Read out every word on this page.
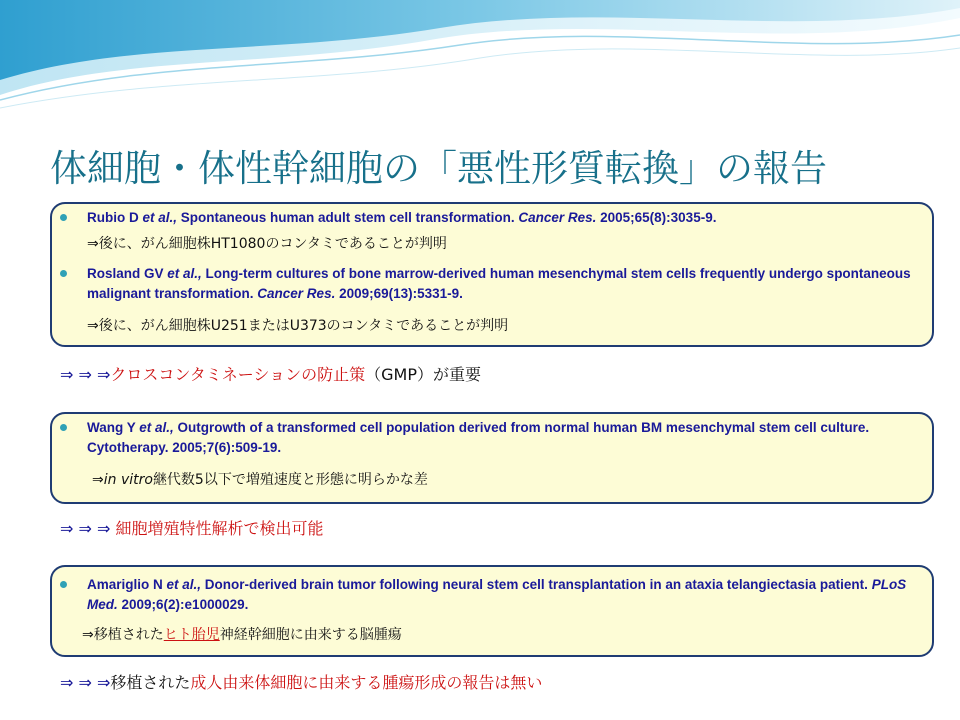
体細胞・体性幹細胞の「悪性形質転換」の報告
Rubio D et al., Spontaneous human adult stem cell transformation. Cancer Res. 2005;65(8):3035-9.
⇒後に、がん細胞株HT1080のコンタミであることが判明
Rosland GV et al., Long-term cultures of bone marrow-derived human mesenchymal stem cells frequently undergo spontaneous malignant transformation. Cancer Res. 2009;69(13):5331-9.
⇒後に、がん細胞株U251またはU373のコンタミであることが判明
⇒ ⇒ ⇒クロスコンタミネーションの防止策（GMP）が重要
Wang Y et al., Outgrowth of a transformed cell population derived from normal human BM mesenchymal stem cell culture. Cytotherapy. 2005;7(6):509-19.
⇒in vitro継代数5以下で増殖速度と形態に明らかな差
⇒ ⇒ ⇒ 細胞増殖特性解析で検出可能
Amariglio N et al., Donor-derived brain tumor following neural stem cell transplantation in an ataxia telangiectasia patient. PLoS Med. 2009;6(2):e1000029.
⇒移植されたヒト胎児神経幹細胞に由来する脳腫瘍
⇒ ⇒ ⇒移植された成人由来体細胞に由来する腫瘍形成の報告は無い
